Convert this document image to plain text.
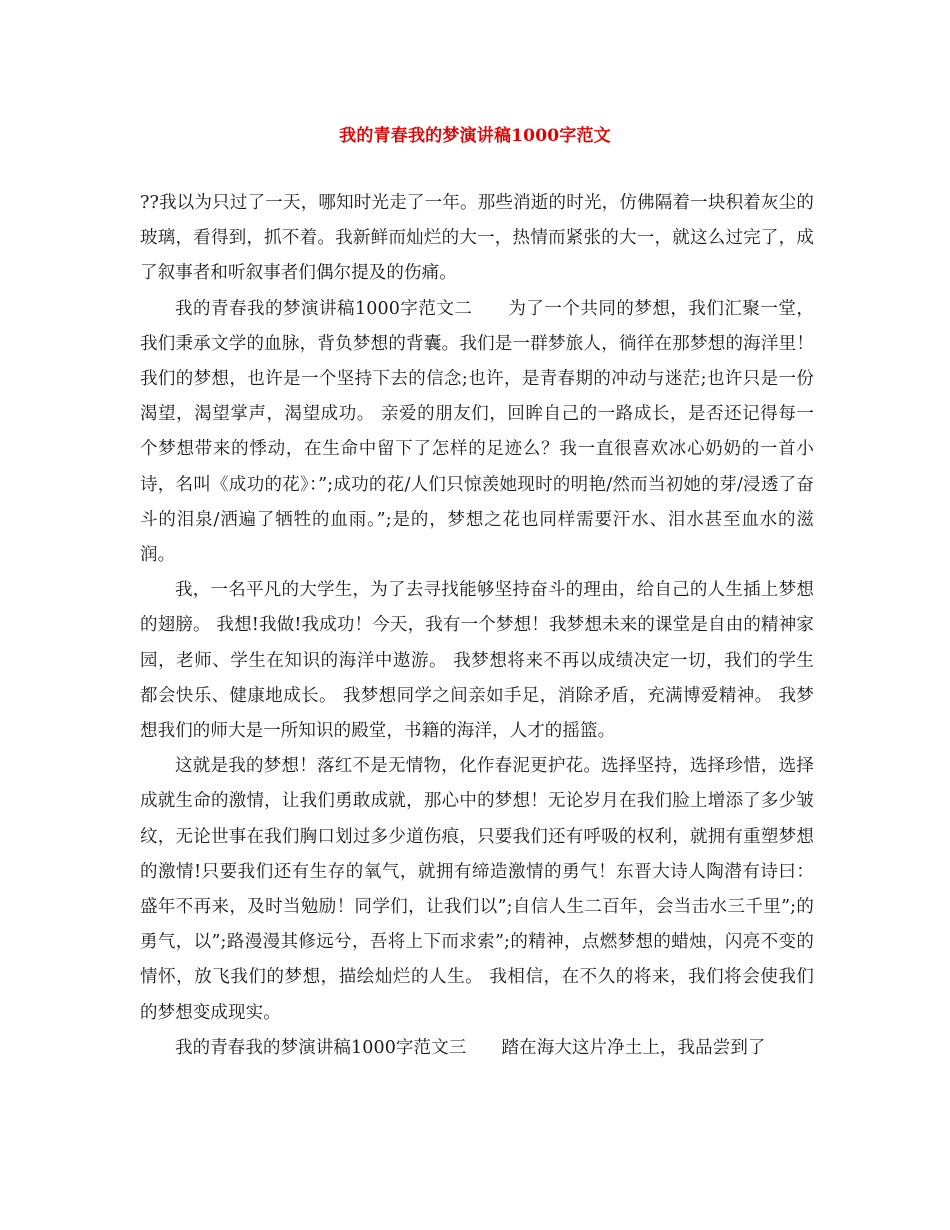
我的青春我的梦演讲稿1000字范文

??我以为只过了一天，哪知时光走了一年。那些消逝的时光，仿佛隔着一块积着灰尘的玻璃，看得到，抓不着。我新鲜而灿烂的大一，热情而紧张的大一，就这么过完了，成了叙事者和听叙事者们偶尔提及的伤痛。

我的青春我的梦演讲稿1000字范文二　　为了一个共同的梦想，我们汇聚一堂，我们秉承文学的血脉，背负梦想的背囊。我们是一群梦旅人，徜徉在那梦想的海洋里！我们的梦想，也许是一个坚持下去的信念;也许，是青春期的冲动与迷茫;也许只是一份渴望，渴望掌声，渴望成功。 亲爱的朋友们，回眸自己的一路成长，是否还记得每一个梦想带来的悸动，在生命中留下了怎样的足迹么？我一直很喜欢冰心奶奶的一首小诗，名叫《成功的花》：”;成功的花/人们只惊羡她现时的明艳/然而当初她的芽/浸透了奋斗的泪泉/洒遍了牺牲的血雨。”;是的，梦想之花也同样需要汗水、泪水甚至血水的滋润。

我，一名平凡的大学生，为了去寻找能够坚持奋斗的理由，给自己的人生插上梦想的翅膀。 我想!我做!我成功！今天，我有一个梦想！我梦想未来的课堂是自由的精神家园，老师、学生在知识的海洋中遨游。 我梦想将来不再以成绩决定一切，我们的学生都会快乐、健康地成长。 我梦想同学之间亲如手足，消除矛盾，充满博爱精神。 我梦想我们的师大是一所知识的殿堂，书籍的海洋，人才的摇篮。

这就是我的梦想！落红不是无情物，化作春泥更护花。选择坚持，选择珍惜，选择成就生命的激情，让我们勇敢成就，那心中的梦想！无论岁月在我们脸上增添了多少皱纹，无论世事在我们胸口划过多少道伤痕，只要我们还有呼吸的权利，就拥有重塑梦想的激情!只要我们还有生存的氧气，就拥有缔造激情的勇气！东晋大诗人陶潜有诗曰：盛年不再来，及时当勉励！同学们，让我们以”;自信人生二百年，会当击水三千里”;的勇气，以”;路漫漫其修远兮，吾将上下而求索”;的精神，点燃梦想的蜡烛，闪亮不变的情怀，放飞我们的梦想，描绘灿烂的人生。 我相信，在不久的将来，我们将会使我们的梦想变成现实。

我的青春我的梦演讲稿1000字范文三　　踏在海大这片净土上，我品尝到了
